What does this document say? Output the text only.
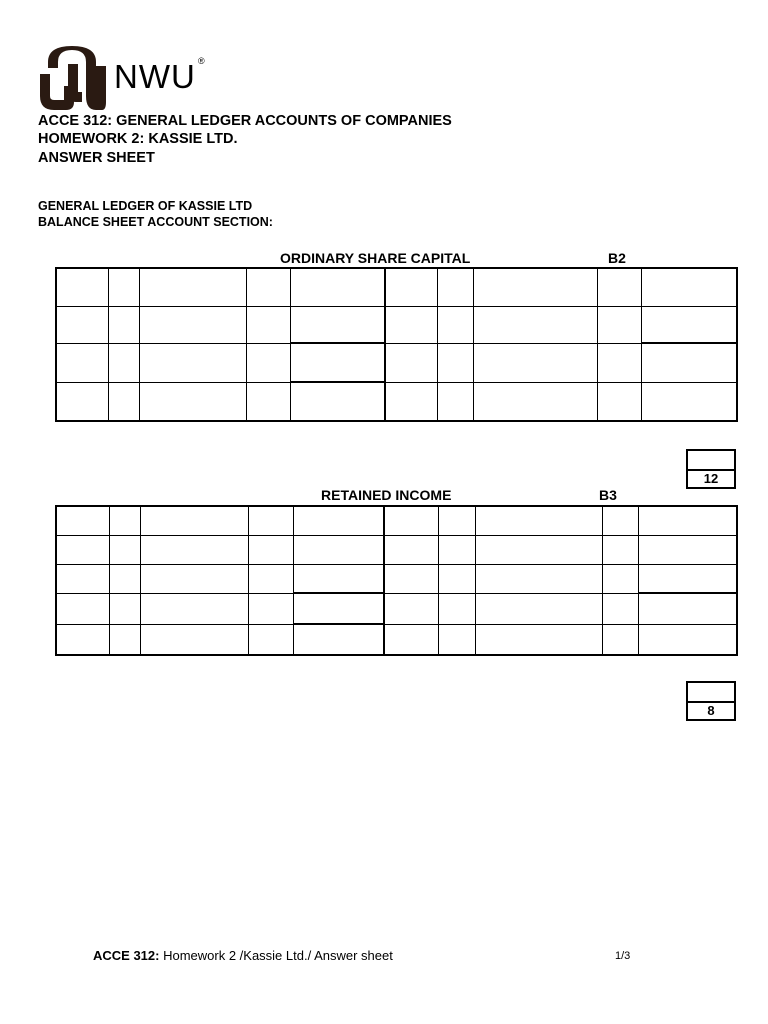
NWU ®
ACCE 312: GENERAL LEDGER ACCOUNTS OF COMPANIES
HOMEWORK 2: KASSIE LTD.
ANSWER SHEET
GENERAL LEDGER OF KASSIE LTD
BALANCE SHEET ACCOUNT SECTION:
ORDINARY SHARE CAPITAL	B2

12
RETAINED INCOME	B3

8
ACCE 312: Homework 2 /Kassie Ltd./ Answer sheet	1/3
